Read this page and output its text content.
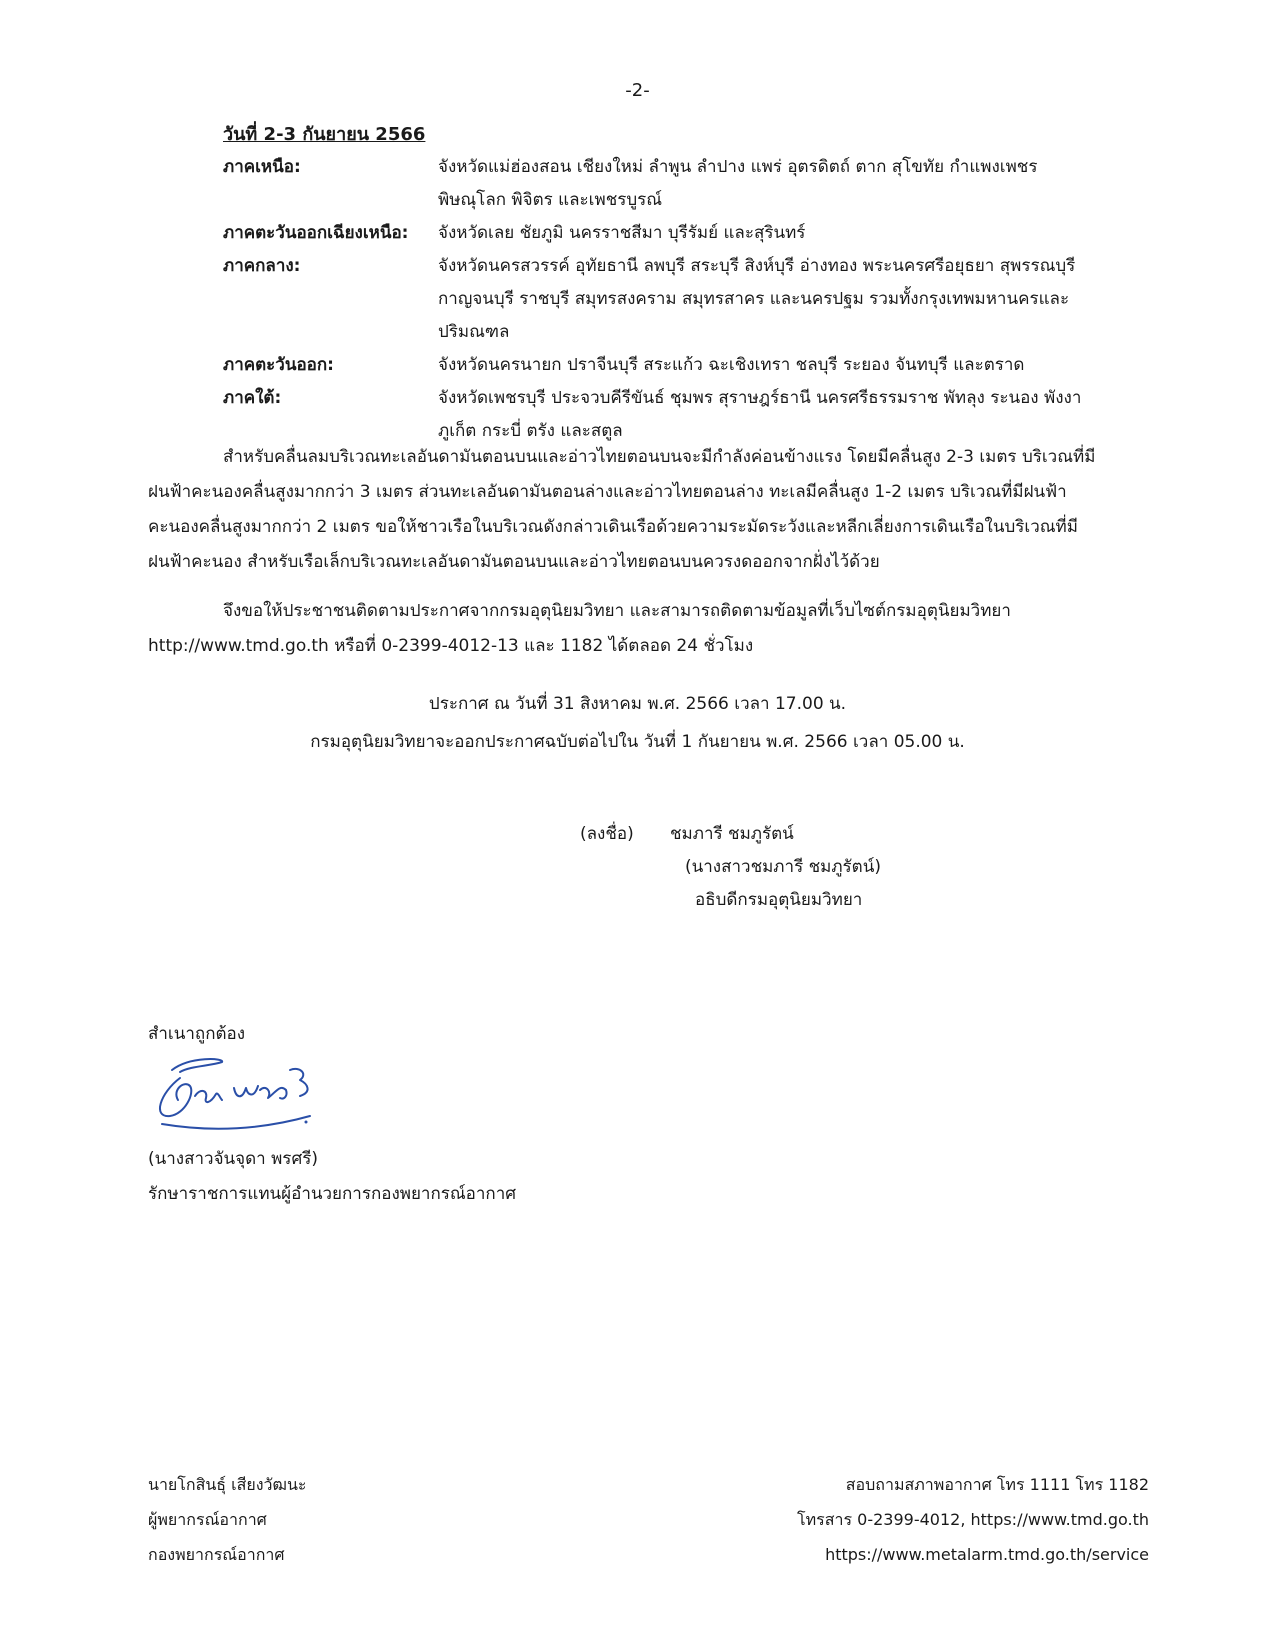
-2-
วันที่ 2-3 กันยายน 2566
ภาคเหนือ:	จังหวัดแม่ฮ่องสอน เชียงใหม่ ลำพูน ลำปาง แพร่ อุตรดิตถ์ ตาก สุโขทัย กำแพงเพชร
พิษณุโลก พิจิตร และเพชรบูรณ์
ภาคตะวันออกเฉียงเหนือ:	จังหวัดเลย ชัยภูมิ นครราชสีมา บุรีรัมย์ และสุรินทร์
ภาคกลาง:	จังหวัดนครสวรรค์ อุทัยธานี ลพบุรี สระบุรี สิงห์บุรี อ่างทอง พระนครศรีอยุธยา สุพรรณบุรี
กาญจนบุรี ราชบุรี สมุทรสงคราม สมุทรสาคร และนครปฐม รวมทั้งกรุงเทพมหานครและ
ปริมณฑล
ภาคตะวันออก:	จังหวัดนครนายก ปราจีนบุรี สระแก้ว ฉะเชิงเทรา ชลบุรี ระยอง จันทบุรี และตราด
ภาคใต้:	จังหวัดเพชรบุรี ประจวบคีรีขันธ์ ชุมพร สุราษฎร์ธานี นครศรีธรรมราช พัทลุง ระนอง พังงา
ภูเก็ต กระบี่ ตรัง และสตูล
สำหรับคลื่นลมบริเวณทะเลอันดามันตอนบนและอ่าวไทยตอนบนจะมีกำลังค่อนข้างแรง โดยมีคลื่นสูง 2-3 เมตร บริเวณที่มี
ฝนฟ้าคะนองคลื่นสูงมากกว่า 3 เมตร ส่วนทะเลอันดามันตอนล่างและอ่าวไทยตอนล่าง ทะเลมีคลื่นสูง 1-2 เมตร บริเวณที่มีฝนฟ้า
คะนองคลื่นสูงมากกว่า 2 เมตร ขอให้ชาวเรือในบริเวณดังกล่าวเดินเรือด้วยความระมัดระวังและหลีกเลี่ยงการเดินเรือในบริเวณที่มี
ฝนฟ้าคะนอง สำหรับเรือเล็กบริเวณทะเลอันดามันตอนบนและอ่าวไทยตอนบนควรงดออกจากฝั่งไว้ด้วย
จึงขอให้ประชาชนติดตามประกาศจากกรมอุตุนิยมวิทยา และสามารถติดตามข้อมูลที่เว็บไซต์กรมอุตุนิยมวิทยา
http://www.tmd.go.th หรือที่ 0-2399-4012-13 และ 1182 ได้ตลอด 24 ชั่วโมง
ประกาศ ณ วันที่ 31 สิงหาคม พ.ศ. 2566 เวลา 17.00 น.
กรมอุตุนิยมวิทยาจะออกประกาศฉบับต่อไปใน วันที่ 1 กันยายน พ.ศ. 2566 เวลา 05.00 น.
(ลงชื่อ)	ชมภารี ชมภูรัตน์
(นางสาวชมภารี ชมภูรัตน์)
อธิบดีกรมอุตุนิยมวิทยา
สำเนาถูกต้อง
(นางสาวจันจุดา พรศรี)
รักษาราชการแทนผู้อำนวยการกองพยากรณ์อากาศ
นายโกสินธุ์ เสียงวัฒนะ
ผู้พยากรณ์อากาศ
กองพยากรณ์อากาศ
สอบถามสภาพอากาศ โทร 1111 โทร 1182
โทรสาร 0-2399-4012, https://www.tmd.go.th
https://www.metalarm.tmd.go.th/service
